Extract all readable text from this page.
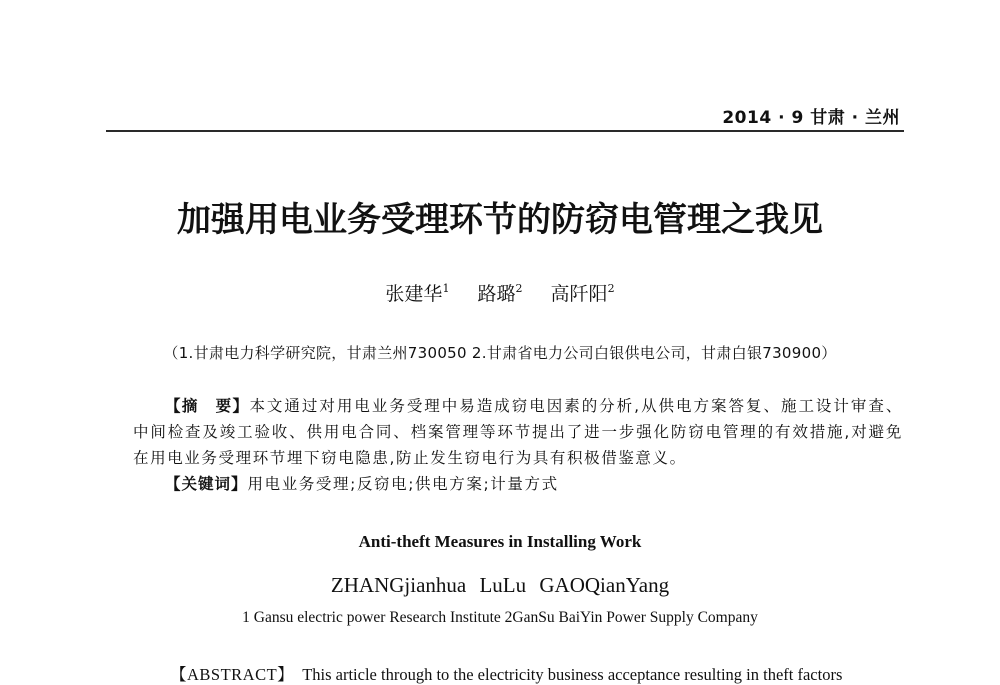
2014 · 9 甘肃 · 兰州
加强用电业务受理环节的防窃电管理之我见
张建华$^1$ 路璐$^2$ 高阡阳$^2$
（1.甘肃电力科学研究院，甘肃兰州730050 2.甘肃省电力公司白银供电公司，甘肃白银730900）

【摘　要】本文通过对用电业务受理中易造成窃电因素的分析,从供电方案答复、施工设计审查、中间检查及竣工验收、供用电合同、档案管理等环节提出了进一步强化防窃电管理的有效措施,对避免在用电业务受理环节埋下窃电隐患,防止发生窃电行为具有积极借鉴意义。

【关键词】用电业务受理;反窃电;供电方案;计量方式

Anti-theft Measures in Installing Work
ZHANGjianhua LuLu GAOQianYang
1 Gansu electric power Research Institute 2GanSu BaiYin Power Supply Company
【ABSTRACT】 This article through to the electricity business acceptance resulting in theft factors
